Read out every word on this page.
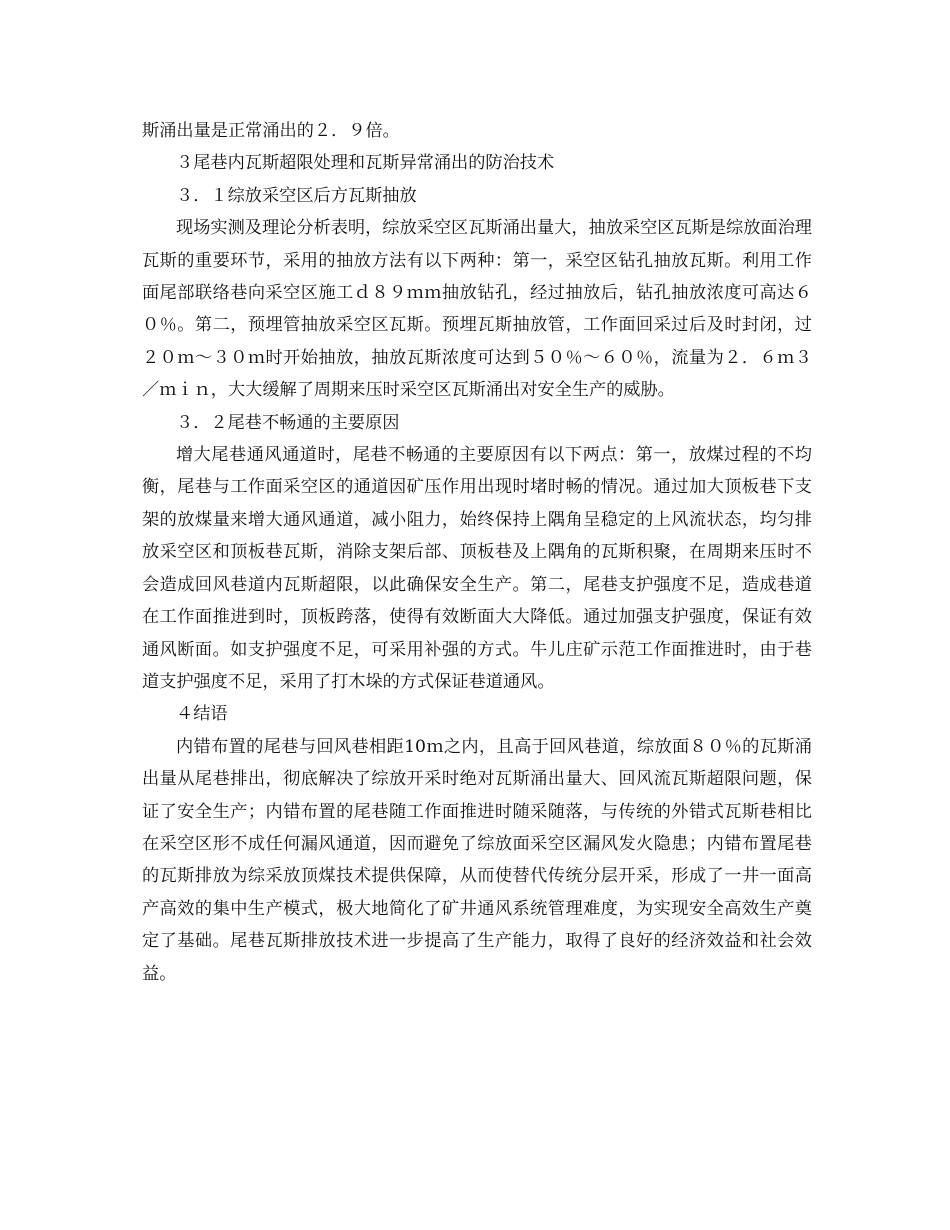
斯涌出量是正常涌出的２．９倍。

３尾巷内瓦斯超限处理和瓦斯异常涌出的防治技术

３．１综放采空区后方瓦斯抽放

现场实测及理论分析表明，综放采空区瓦斯涌出量大，抽放采空区瓦斯是综放面治理瓦斯的重要环节，采用的抽放方法有以下两种：第一，采空区钻孔抽放瓦斯。利用工作面尾部联络巷向采空区施工ｄ８９ｍｍ抽放钻孔，经过抽放后，钻孔抽放浓度可高达６０％。第二，预埋管抽放采空区瓦斯。预埋瓦斯抽放管，工作面回采过后及时封闭，过２０ｍ～３０ｍ时开始抽放，抽放瓦斯浓度可达到５０％～６０％，流量为２．６ｍ３／ｍｉｎ，大大缓解了周期来压时采空区瓦斯涌出对安全生产的威胁。

３．２尾巷不畅通的主要原因

增大尾巷通风通道时，尾巷不畅通的主要原因有以下两点：第一，放煤过程的不均衡，尾巷与工作面采空区的通道因矿压作用出现时堵时畅的情况。通过加大顶板巷下支架的放煤量来增大通风通道，减小阻力，始终保持上隅角呈稳定的上风流状态，均匀排放采空区和顶板巷瓦斯，消除支架后部、顶板巷及上隅角的瓦斯积聚，在周期来压时不会造成回风巷道内瓦斯超限，以此确保安全生产。第二，尾巷支护强度不足，造成巷道在工作面推进到时，顶板跨落，使得有效断面大大降低。通过加强支护强度，保证有效通风断面。如支护强度不足，可采用补强的方式。牛儿庄矿示范工作面推进时，由于巷道支护强度不足，采用了打木垛的方式保证巷道通风。

４结语

内错布置的尾巷与回风巷相距10ｍ之内，且高于回风巷道，综放面８０％的瓦斯涌出量从尾巷排出，彻底解决了综放开采时绝对瓦斯涌出量大、回风流瓦斯超限问题，保证了安全生产；内错布置的尾巷随工作面推进时随采随落，与传统的外错式瓦斯巷相比在采空区形不成任何漏风通道，因而避免了综放面采空区漏风发火隐患；内错布置尾巷的瓦斯排放为综采放顶煤技术提供保障，从而使替代传统分层开采，形成了一井一面高产高效的集中生产模式，极大地简化了矿井通风系统管理难度，为实现安全高效生产奠定了基础。尾巷瓦斯排放技术进一步提高了生产能力，取得了良好的经济效益和社会效益。
